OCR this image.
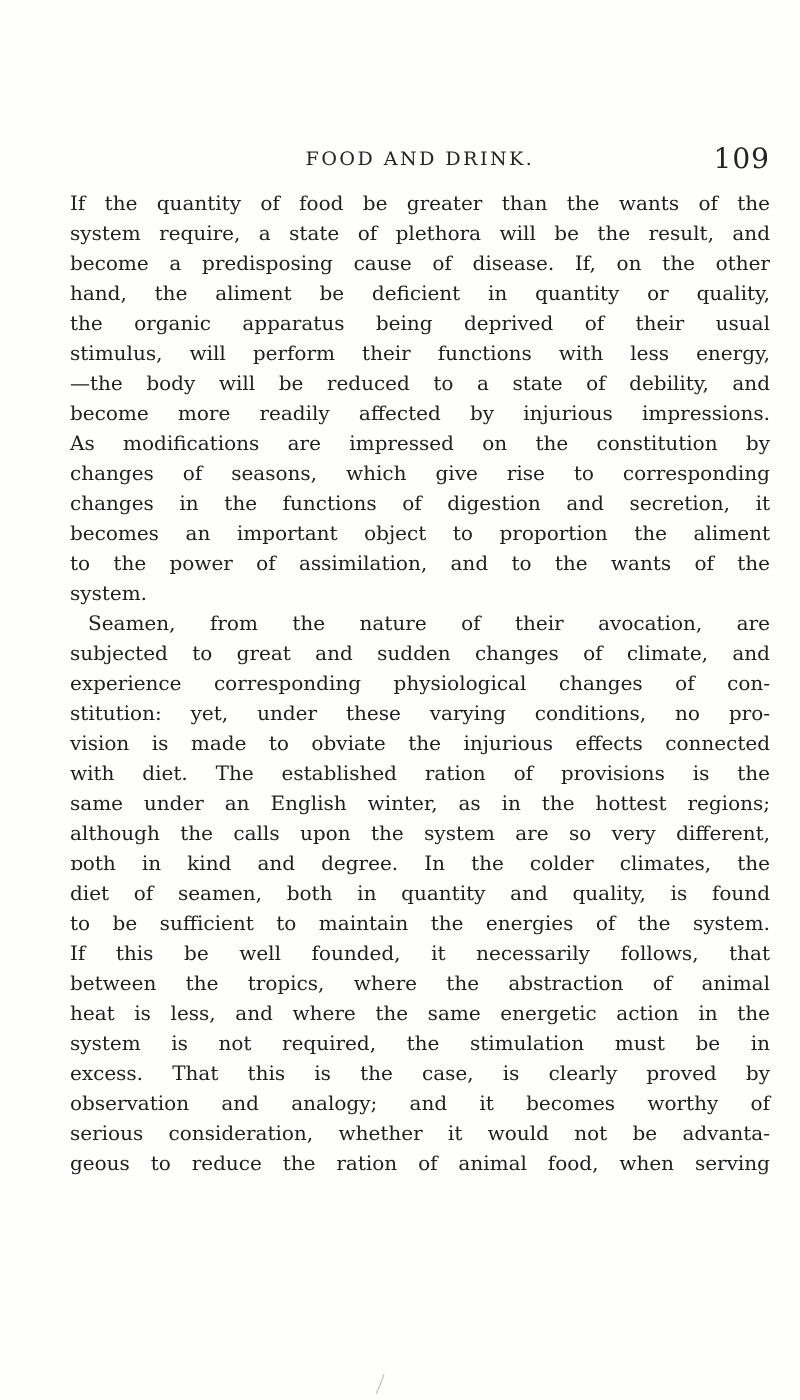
FOOD AND DRINK.	109
If the quantity of food be greater than the wants of the
system require, a state of plethora will be the result, and
become a predisposing cause of disease. If, on the other
hand, the aliment be deficient in quantity or quality,
the organic apparatus being deprived of their usual
stimulus, will perform their functions with less energy,
—the body will be reduced to a state of debility, and
become more readily affected by injurious impressions.
As modifications are impressed on the constitution by
changes of seasons, which give rise to corresponding
changes in the functions of digestion and secretion, it
becomes an important object to proportion the aliment
to the power of assimilation, and to the wants of the
system.
Seamen, from the nature of their avocation, are
subjected to great and sudden changes of climate, and
experience corresponding physiological changes of con-
stitution: yet, under these varying conditions, no pro-
vision is made to obviate the injurious effects connected
with diet. The established ration of provisions is the
same under an English winter, as in the hottest regions;
although the calls upon the system are so very different,
ɒoth in kind and degree. In the colder climates, the
diet of seamen, both in quantity and quality, is found
to be sufficient to maintain the energies of the system.
If this be well founded, it necessarily follows, that
between the tropics, where the abstraction of animal
heat is less, and where the same energetic action in the
system is not required, the stimulation must be in
excess. That this is the case, is clearly proved by
observation and analogy; and it becomes worthy of
serious consideration, whether it would not be advanta-
geous to reduce the ration of animal food, when serving
